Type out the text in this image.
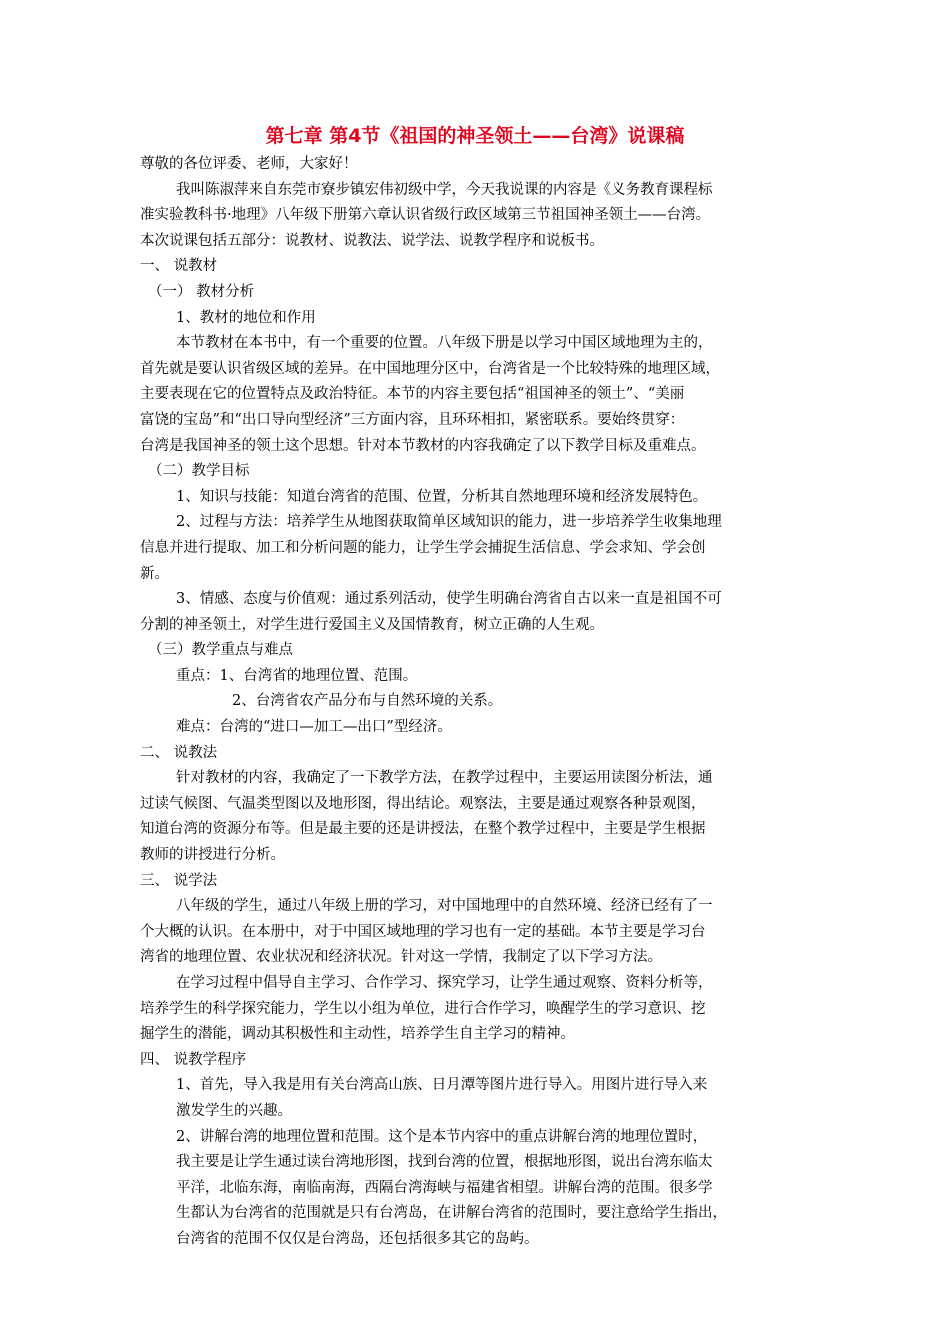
第七章 第4节《祖国的神圣领土——台湾》说课稿
尊敬的各位评委、老师，大家好！
我叫陈淑萍来自东莞市寮步镇宏伟初级中学，今天我说课的内容是《义务教育课程标
准实验教科书·地理》八年级下册第六章认识省级行政区域第三节祖国神圣领土——台湾。
本次说课包括五部分：说教材、说教法、说学法、说教学程序和说板书。
一、 说教材
（一） 教材分析
1、教材的地位和作用
本节教材在本书中，有一个重要的位置。八年级下册是以学习中国区域地理为主的，
首先就是要认识省级区域的差异。在中国地理分区中，台湾省是一个比较特殊的地理区域，
主要表现在它的位置特点及政治特征。本节的内容主要包括“祖国神圣的领土”、“美丽
富饶的宝岛”和“出口导向型经济”三方面内容，且环环相扣，紧密联系。要始终贯穿：
台湾是我国神圣的领土这个思想。针对本节教材的内容我确定了以下教学目标及重难点。
（二）教学目标
1、知识与技能：知道台湾省的范围、位置，分析其自然地理环境和经济发展特色。
2、过程与方法：培养学生从地图获取简单区域知识的能力，进一步培养学生收集地理
信息并进行提取、加工和分析问题的能力，让学生学会捕捉生活信息、学会求知、学会创
新。
3、情感、态度与价值观：通过系列活动，使学生明确台湾省自古以来一直是祖国不可
分割的神圣领土，对学生进行爱国主义及国情教育，树立正确的人生观。
（三）教学重点与难点
重点：1、台湾省的地理位置、范围。
2、台湾省农产品分布与自然环境的关系。
难点：台湾的“进口—加工—出口”型经济。
二、 说教法
针对教材的内容，我确定了一下教学方法，在教学过程中，主要运用读图分析法，通
过读气候图、气温类型图以及地形图，得出结论。观察法，主要是通过观察各种景观图，
知道台湾的资源分布等。但是最主要的还是讲授法，在整个教学过程中，主要是学生根据
教师的讲授进行分析。
三、 说学法
八年级的学生，通过八年级上册的学习，对中国地理中的自然环境、经济已经有了一
个大概的认识。在本册中，对于中国区域地理的学习也有一定的基础。本节主要是学习台
湾省的地理位置、农业状况和经济状况。针对这一学情，我制定了以下学习方法。
在学习过程中倡导自主学习、合作学习、探究学习，让学生通过观察、资料分析等，
培养学生的科学探究能力，学生以小组为单位，进行合作学习，唤醒学生的学习意识、挖
掘学生的潜能，调动其积极性和主动性，培养学生自主学习的精神。
四、 说教学程序
1、首先，导入我是用有关台湾高山族、日月潭等图片进行导入。用图片进行导入来
激发学生的兴趣。
2、讲解台湾的地理位置和范围。这个是本节内容中的重点讲解台湾的地理位置时，
我主要是让学生通过读台湾地形图，找到台湾的位置，根据地形图，说出台湾东临太
平洋，北临东海，南临南海，西隔台湾海峡与福建省相望。讲解台湾的范围。很多学
生都认为台湾省的范围就是只有台湾岛，在讲解台湾省的范围时，要注意给学生指出，
台湾省的范围不仅仅是台湾岛，还包括很多其它的岛屿。
